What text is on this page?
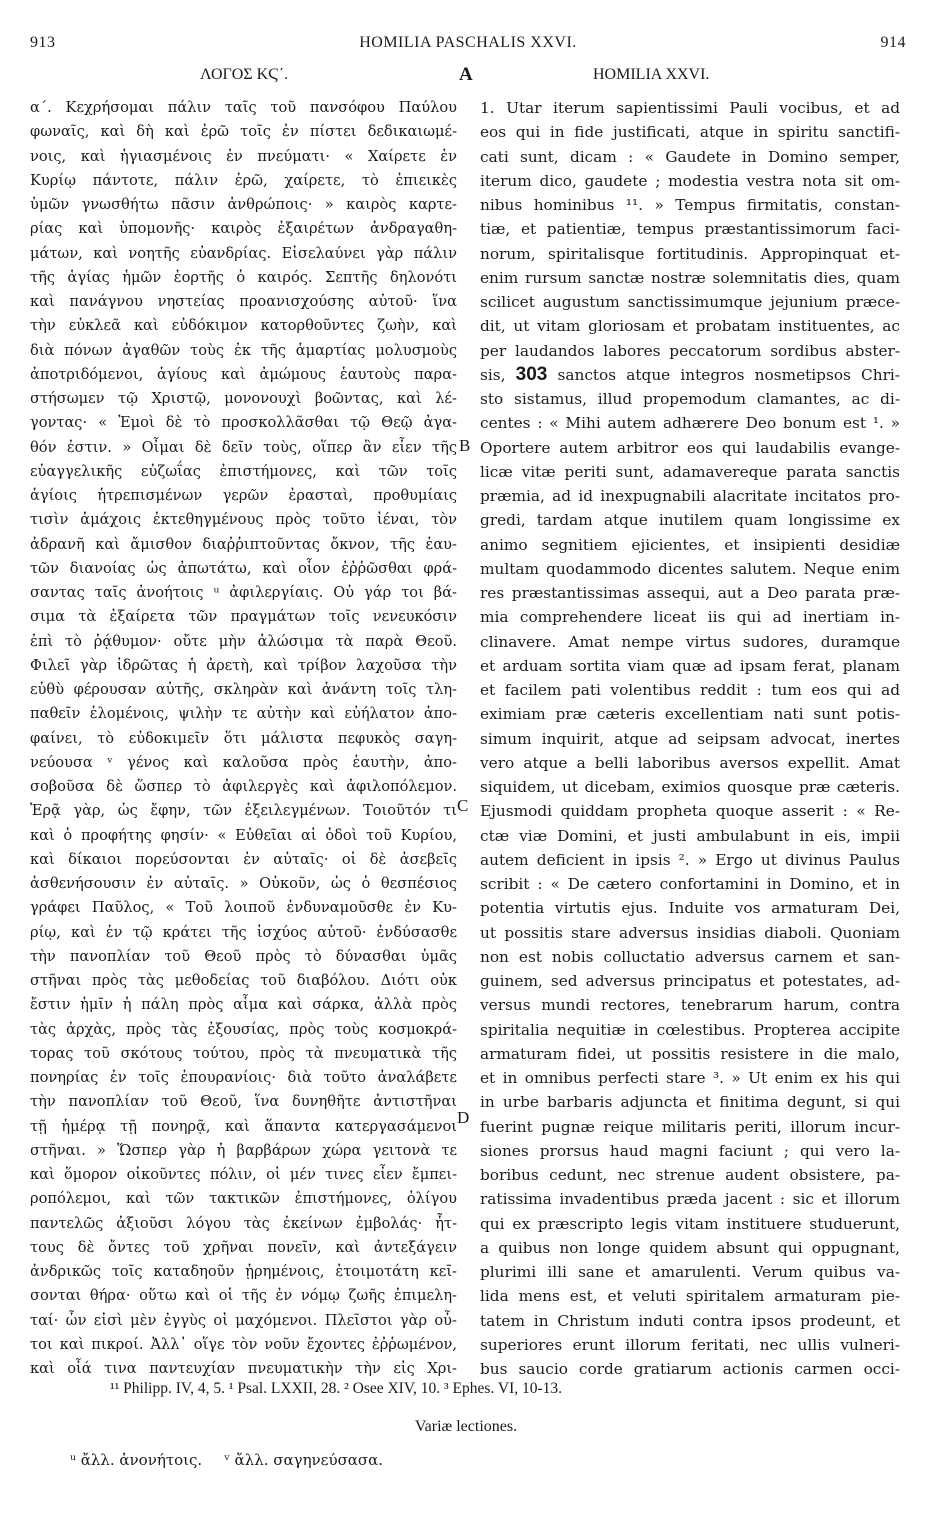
913	HOMILIA PASCHALIS XXVI.	914
ΛΟΓΟΣ ΚϚ΄.	A	HOMILIA XXVI.
α΄. Κεχρήσομαι πάλιν ταῖς τοῦ πανσόφου Παύλου
φωναῖς, καὶ δὴ καὶ ἐρῶ τοῖς ἐν πίστει δεδικαιωμέ-
νοις, καὶ ἡγιασμένοις ἐν πνεύματι· « Χαίρετε ἐν
Κυρίῳ πάντοτε, πάλιν ἐρῶ, χαίρετε, τὸ ἐπιεικὲς
ὑμῶν γνωσθήτω πᾶσιν ἀνθρώποις· » καιρὸς καρτε-
ρίας καὶ ὑπομονῆς· καιρὸς ἐξαιρέτων ἀνδραγαθη-
μάτων, καὶ νοητῆς εὐανδρίας. Εἰσελαύνει γὰρ πάλιν
τῆς ἁγίας ἡμῶν ἑορτῆς ὁ καιρός. Σεπτῆς δηλονότι
καὶ πανάγνου νηστείας προανισχούσης αὐτοῦ· ἵνα
τὴν εὐκλεᾶ καὶ εὐδόκιμον κατορθοῦντες ζωὴν, καὶ
διὰ πόνων ἀγαθῶν τοὺς ἐκ τῆς ἁμαρτίας μολυσμοὺς
ἀποτριδόμενοι, ἁγίους καὶ ἀμώμους ἑαυτοὺς παρα-
στήσωμεν τῷ Χριστῷ, μονονουχὶ βοῶντας, καὶ λέ-
γοντας· « Ἐμοὶ δὲ τὸ προσκολλᾶσθαι τῷ Θεῷ ἀγα-
θόν ἐστιν. » Οἶμαι δὲ δεῖν τοὺς, οἵπερ ἂν εἶεν τῆς
εὐαγγελικῆς εὐζωΐας ἐπιστήμονες, καὶ τῶν τοῖς
ἁγίοις ἡτρεπισμένων γερῶν ἐρασταὶ, προθυμίαις
τισὶν ἀμάχοις ἐκτεθηγμένους πρὸς τοῦτο ἰέναι, τὸν
ἀδρανῆ καὶ ἄμισθον διαῤῥιπτοῦντας ὄκνον, τῆς ἑαυ-
τῶν διανοίας ὡς ἀπωτάτω, καὶ οἷον ἐῤῥῶσθαι φρά-
σαντας ταῖς ἀνοήτοις ᵘ ἀφιλεργίαις. Οὐ γάρ τοι βά-
σιμα τὰ ἐξαίρετα τῶν πραγμάτων τοῖς νενευκόσιν
ἐπὶ τὸ ῥᾴθυμον· οὔτε μὴν ἁλώσιμα τὰ παρὰ Θεοῦ.
Φιλεῖ γὰρ ἱδρῶτας ἡ ἀρετὴ, καὶ τρίβον λαχοῦσα τὴν
εὐθὺ φέρουσαν αὐτῆς, σκληρὰν καὶ ἀνάντη τοῖς τλη-
παθεῖν ἑλομένοις, ψιλὴν τε αὐτὴν καὶ εὐήλατον ἀπο-
φαίνει, τὸ εὐδοκιμεῖν ὅτι μάλιστα πεφυκὸς σαγη-
νεύουσα ᵛ γένος καὶ καλοῦσα πρὸς ἑαυτὴν, ἀπο-
σοβοῦσα δὲ ὥσπερ τὸ ἀφιλεργὲς καὶ ἀφιλοπόλεμον.
Ἐρᾷ γὰρ, ὡς ἔφην, τῶν ἐξειλεγμένων. Τοιοῦτόν τι
καὶ ὁ προφήτης φησίν· « Εὐθεῖαι αἱ ὁδοὶ τοῦ Κυρίου,
καὶ δίκαιοι πορεύσονται ἐν αὐταῖς· οἱ δὲ ἀσεβεῖς
ἀσθενήσουσιν ἐν αὐταῖς. » Οὐκοῦν, ὡς ὁ θεσπέσιος
γράφει Παῦλος, « Τοῦ λοιποῦ ἐνδυναμοῦσθε ἐν Κυ-
ρίῳ, καὶ ἐν τῷ κράτει τῆς ἰσχύος αὐτοῦ· ἐνδύσασθε
τὴν πανοπλίαν τοῦ Θεοῦ πρὸς τὸ δύνασθαι ὑμᾶς
στῆναι πρὸς τὰς μεθοδείας τοῦ διαβόλου. Διότι οὐκ
ἔστιν ἡμῖν ἡ πάλη πρὸς αἷμα καὶ σάρκα, ἀλλὰ πρὸς
τὰς ἀρχὰς, πρὸς τὰς ἐξουσίας, πρὸς τοὺς κοσμοκρά-
τορας τοῦ σκότους τούτου, πρὸς τὰ πνευματικὰ τῆς
πονηρίας ἐν τοῖς ἐπουρανίοις· διὰ τοῦτο ἀναλάβετε
τὴν πανοπλίαν τοῦ Θεοῦ, ἵνα δυνηθῆτε ἀντιστῆναι
τῇ ἡμέρᾳ τῇ πονηρᾷ, καὶ ἅπαντα κατεργασάμενοι
στῆναι. » Ὥσπερ γὰρ ἡ βαρβάρων χώρα γειτονὰ τε
καὶ ὅμορον οἰκοῦντες πόλιν, οἱ μέν τινες εἶεν ἔμπει-
ροπόλεμοι, καὶ τῶν τακτικῶν ἐπιστήμονες, ὀλίγου
παντελῶς ἀξιοῦσι λόγου τὰς ἐκείνων ἐμβολάς· ἧτ-
τους δὲ ὄντες τοῦ χρῆναι πονεῖν, καὶ ἀντεξάγειν
ἀνδρικῶς τοῖς καταδηοῦν ᾑρημένοις, ἑτοιμοτάτη κεῖ-
σονται θήρα· οὕτω καὶ οἱ τῆς ἐν νόμῳ ζωῆς ἐπιμελη-
ταί· ὧν εἰσὶ μὲν ἐγγὺς οἱ μαχόμενοι. Πλεῖστοι γὰρ οὖ-
τοι καὶ πικροί. Ἀλλ᾽ οἵγε τὸν νοῦν ἔχοντες ἐῤῥωμένον,
καὶ οἷά τινα παντευχίαν πνευματικὴν τὴν εἰς Χρι-
B
C
D
1. Utar iterum sapientissimi Pauli vocibus, et ad
eos qui in fide justificati, atque in spiritu sanctifi-
cati sunt, dicam : « Gaudete in Domino semper,
iterum dico, gaudete ; modestia vestra nota sit om-
nibus hominibus ¹¹. » Tempus firmitatis, constan-
tiæ, et patientiæ, tempus præstantissimorum faci-
norum, spiritalisque fortitudinis. Appropinquat et-
enim rursum sanctæ nostræ solemnitatis dies, quam
scilicet augustum sanctissimumque jejunium præce-
dit, ut vitam gloriosam et probatam instituentes, ac
per laudandos labores peccatorum sordibus abster-
sis, 303 sanctos atque integros nosmetipsos Chri-
sto sistamus, illud propemodum clamantes, ac di-
centes : « Mihi autem adhærere Deo bonum est ¹. »
Oportere autem arbitror eos qui laudabilis evange-
licæ vitæ periti sunt, adamavereque parata sanctis
præmia, ad id inexpugnabili alacritate incitatos pro-
gredi, tardam atque inutilem quam longissime ex
animo segnitiem ejicientes, et insipienti desidiæ
multam quodammodo dicentes salutem. Neque enim
res præstantissimas assequi, aut a Deo parata præ-
mia comprehendere liceat iis qui ad inertiam in-
clinavere. Amat nempe virtus sudores, duramque
et arduam sortita viam quæ ad ipsam ferat, planam
et facilem pati volentibus reddit : tum eos qui ad
eximiam præ cæteris excellentiam nati sunt potis-
simum inquirit, atque ad seipsam advocat, inertes
vero atque a belli laboribus aversos expellit. Amat
siquidem, ut dicebam, eximios quosque præ cæteris.
Ejusmodi quiddam propheta quoque asserit : « Re-
ctæ viæ Domini, et justi ambulabunt in eis, impii
autem deficient in ipsis ². » Ergo ut divinus Paulus
scribit : « De cætero confortamini in Domino, et in
potentia virtutis ejus. Induite vos armaturam Dei,
ut possitis stare adversus insidias diaboli. Quoniam
non est nobis colluctatio adversus carnem et san-
guinem, sed adversus principatus et potestates, ad-
versus mundi rectores, tenebrarum harum, contra
spiritalia nequitiæ in cœlestibus. Propterea accipite
armaturam fidei, ut possitis resistere in die malo,
et in omnibus perfecti stare ³. » Ut enim ex his qui
in urbe barbaris adjuncta et finitima degunt, si qui
fuerint pugnæ reique militaris periti, illorum incur-
siones prorsus haud magni faciunt ; qui vero la-
boribus cedunt, nec strenue audent obsistere, pa-
ratissima invadentibus præda jacent : sic et illorum
qui ex præscripto legis vitam instituere studuerunt,
a quibus non longe quidem absunt qui oppugnant,
plurimi illi sane et amarulenti. Verum quibus va-
lida mens est, et veluti spiritalem armaturam pie-
tatem in Christum induti contra ipsos prodeunt, et
superiores erunt illorum feritati, nec ullis vulneri-
bus saucio corde gratiarum actionis carmen occi-
¹¹ Philipp. IV, 4, 5. ¹ Psal. LXXII, 28. ² Osee XIV, 10. ³ Ephes. VI, 10-13.
Variæ lectiones.
ᵘ ἄλλ. ἀνονήτοις. ᵛ ἄλλ. σαγηνεύσασα.
